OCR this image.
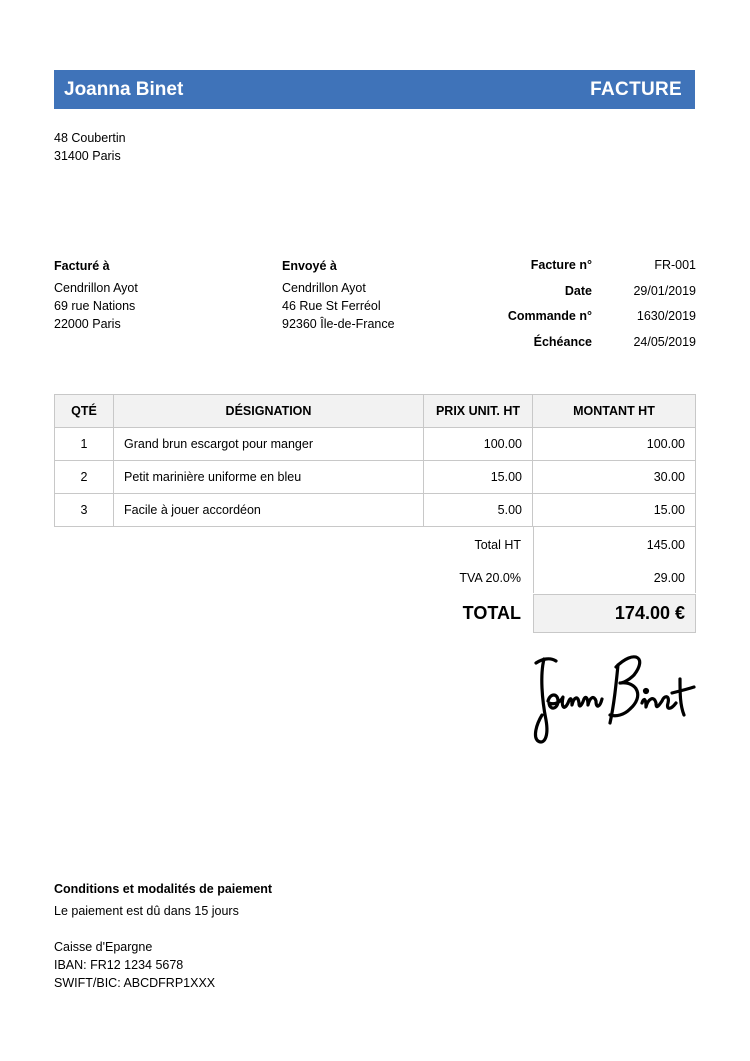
Joanna Binet	FACTURE
48 Coubertin
31400 Paris
Facturé à
Cendrillon Ayot
69 rue Nations
22000 Paris
Envoyé à
Cendrillon Ayot
46 Rue St Ferréol
92360 Île-de-France
Facture n°	FR-001
Date	29/01/2019
Commande n°	1630/2019
Échéance	24/05/2019
QTÉ	DÉSIGNATION	PRIX UNIT. HT	MONTANT HT
1	Grand brun escargot pour manger	100.00	100.00
2	Petit marinière uniforme en bleu	15.00	30.00
3	Facile à jouer accordéon	5.00	15.00
Total HT	145.00
TVA 20.0%	29.00
TOTAL	174.00 €
Conditions et modalités de paiement
Le paiement est dû dans 15 jours
Caisse d'Epargne
IBAN: FR12 1234 5678
SWIFT/BIC: ABCDFRP1XXX
